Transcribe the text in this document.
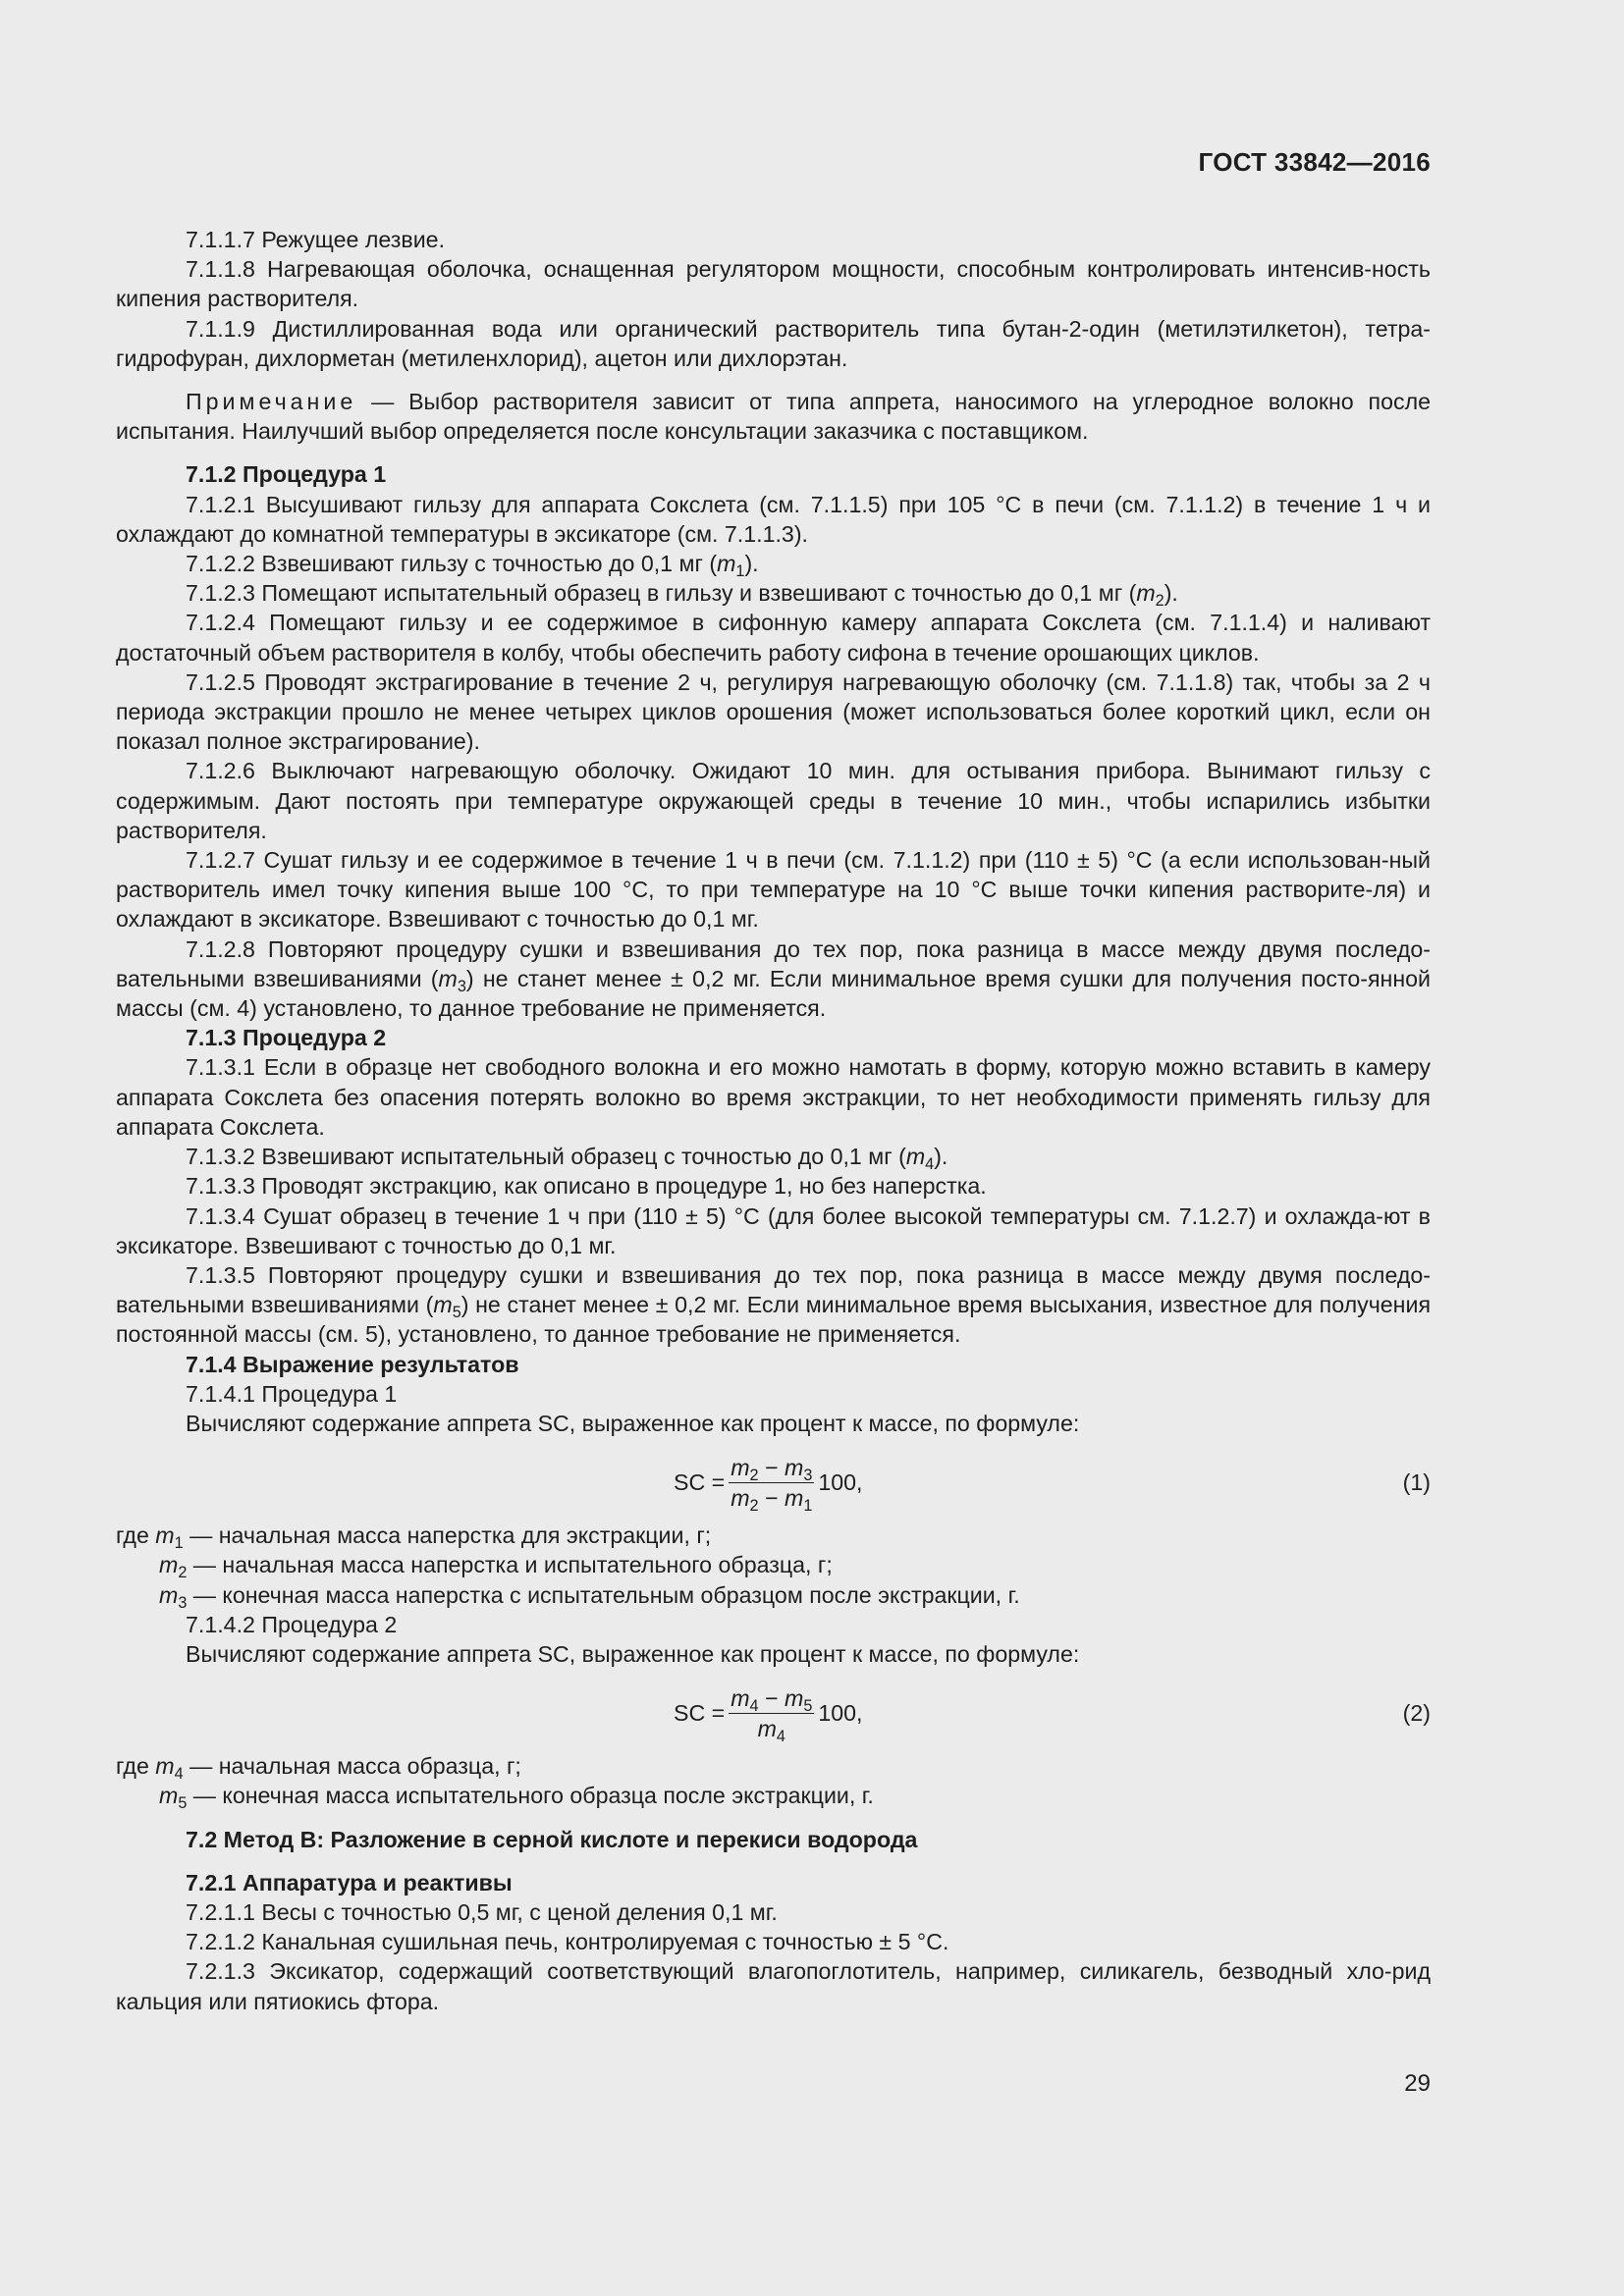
ГОСТ 33842—2016

7.1.1.7 Режущее лезвие.

7.1.1.8 Нагревающая оболочка, оснащенная регулятором мощности, способным контролировать интенсив-ность кипения растворителя.

7.1.1.9 Дистиллированная вода или органический растворитель типа бутан-2-один (метилэтилкетон), тетра-гидрофуран, дихлорметан (метиленхлорид), ацетон или дихлорэтан.

Примечание — Выбор растворителя зависит от типа аппрета, наносимого на углеродное волокно после испытания. Наилучший выбор определяется после консультации заказчика с поставщиком.

7.1.2 Процедура 1

7.1.2.1 Высушивают гильзу для аппарата Сокслета (см. 7.1.1.5) при 105 °С в печи (см. 7.1.1.2) в течение 1 ч и охлаждают до комнатной температуры в эксикаторе (см. 7.1.1.3).

7.1.2.2 Взвешивают гильзу с точностью до 0,1 мг $(m_1)$.

7.1.2.3 Помещают испытательный образец в гильзу и взвешивают с точностью до 0,1 мг $(m_2)$.

7.1.2.4 Помещают гильзу и ее содержимое в сифонную камеру аппарата Сокслета (см. 7.1.1.4) и наливают достаточный объем растворителя в колбу, чтобы обеспечить работу сифона в течение орошающих циклов.

7.1.2.5 Проводят экстрагирование в течение 2 ч, регулируя нагревающую оболочку (см. 7.1.1.8) так, чтобы за 2 ч периода экстракции прошло не менее четырех циклов орошения (может использоваться более короткий цикл, если он показал полное экстрагирование).

7.1.2.6 Выключают нагревающую оболочку. Ожидают 10 мин. для остывания прибора. Вынимают гильзу с содержимым. Дают постоять при температуре окружающей среды в течение 10 мин., чтобы испарились избытки растворителя.

7.1.2.7 Сушат гильзу и ее содержимое в течение 1 ч в печи (см. 7.1.1.2) при (110 ± 5) °С (а если использован-ный растворитель имел точку кипения выше 100 °С, то при температуре на 10 °С выше точки кипения растворите-ля) и охлаждают в эксикаторе. Взвешивают с точностью до 0,1 мг.

7.1.2.8 Повторяют процедуру сушки и взвешивания до тех пор, пока разница в массе между двумя последо-вательными взвешиваниями $(m_3)$ не станет менее ± 0,2 мг. Если минимальное время сушки для получения посто-янной массы (см. 4) установлено, то данное требование не применяется.

7.1.3 Процедура 2

7.1.3.1 Если в образце нет свободного волокна и его можно намотать в форму, которую можно вставить в камеру аппарата Сокслета без опасения потерять волокно во время экстракции, то нет необходимости применять гильзу для аппарата Сокслета.

7.1.3.2 Взвешивают испытательный образец с точностью до 0,1 мг $(m_4)$.

7.1.3.3 Проводят экстракцию, как описано в процедуре 1, но без наперстка.

7.1.3.4 Сушат образец в течение 1 ч при (110 ± 5) °С (для более высокой температуры см. 7.1.2.7) и охлажда-ют в эксикаторе. Взвешивают с точностью до 0,1 мг.

7.1.3.5 Повторяют процедуру сушки и взвешивания до тех пор, пока разница в массе между двумя последо-вательными взвешиваниями $(m_5)$ не станет менее ± 0,2 мг. Если минимальное время высыхания, известное для получения постоянной массы (см. 5), установлено, то данное требование не применяется.

7.1.4 Выражение результатов

7.1.4.1 Процедура 1

Вычисляют содержание аппрета SC, выраженное как процент к массе, по формуле:

SC = $\frac{m_2 - m_3}{m_2 - m_1} 100$,	(1)

где $m_1$ — начальная масса наперстка для экстракции, г;

$m_2$ — начальная масса наперстка и испытательного образца, г;

$m_3$ — конечная масса наперстка с испытательным образцом после экстракции, г.

7.1.4.2 Процедура 2

Вычисляют содержание аппрета SC, выраженное как процент к массе, по формуле:

SC = $\frac{m_4 - m_5}{m_4} 100$,	(2)

где $m_4$ — начальная масса образца, г;

$m_5$ — конечная масса испытательного образца после экстракции, г.

7.2 Метод В: Разложение в серной кислоте и перекиси водорода

7.2.1 Аппаратура и реактивы

7.2.1.1 Весы с точностью 0,5 мг, с ценой деления 0,1 мг.

7.2.1.2 Канальная сушильная печь, контролируемая с точностью ± 5 °С.

7.2.1.3 Эксикатор, содержащий соответствующий влагопоглотитель, например, силикагель, безводный хло-рид кальция или пятиокись фтора.

29
